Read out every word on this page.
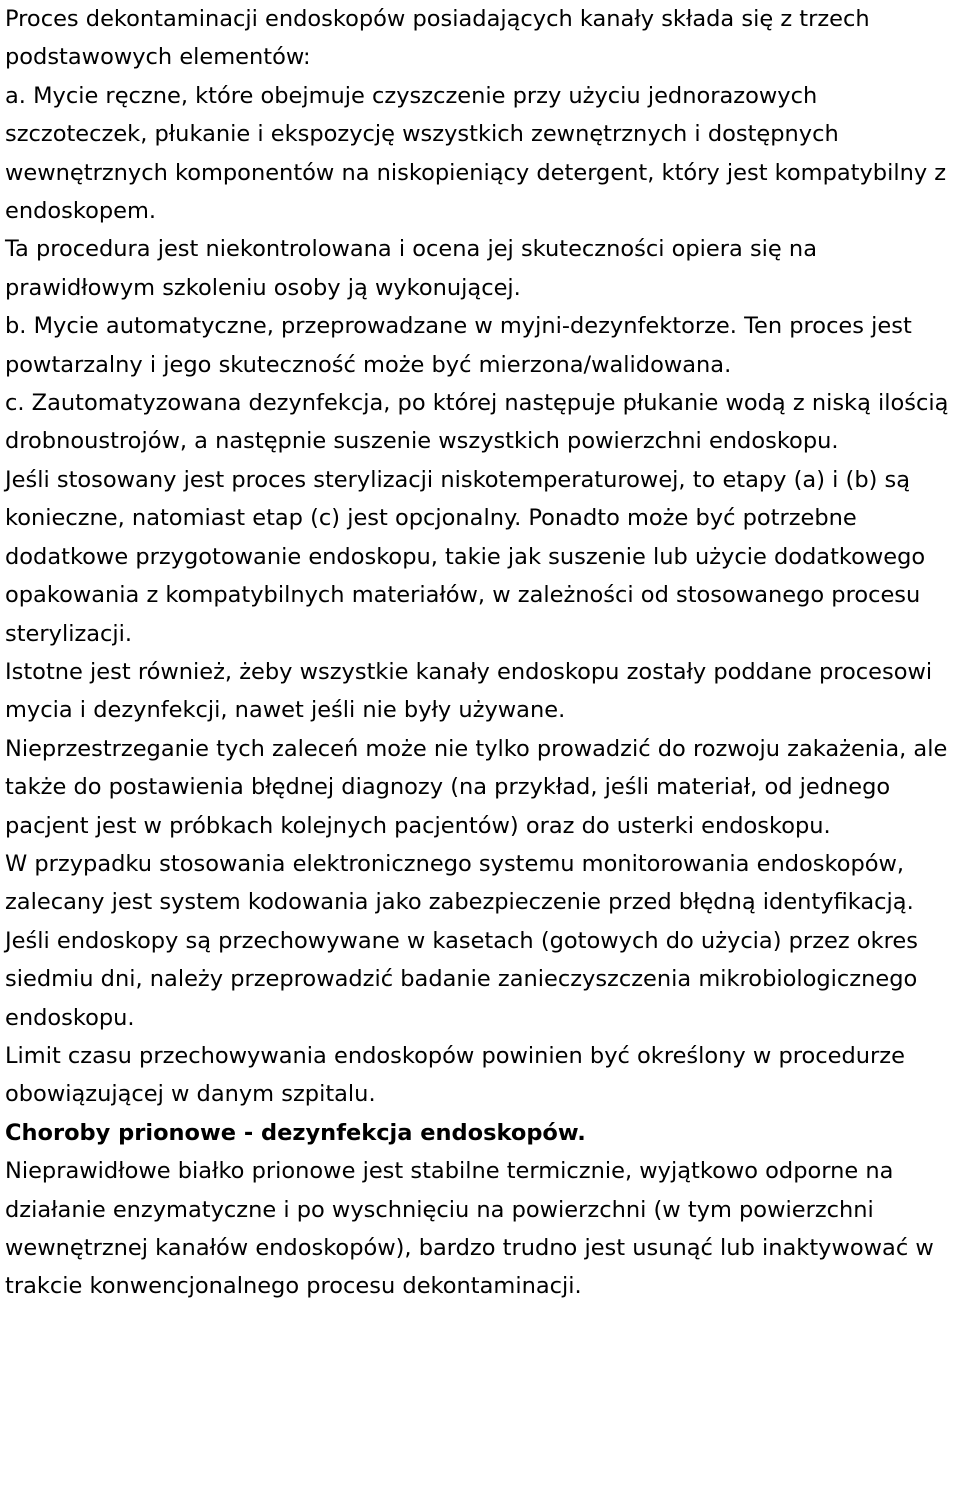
Proces dekontaminacji endoskopów posiadających kanały składa się z trzech podstawowych elementów:

a. Mycie ręczne, które obejmuje czyszczenie przy użyciu jednorazowych szczoteczek, płukanie i ekspozycję wszystkich zewnętrznych i dostępnych wewnętrznych komponentów na niskopieniący detergent, który jest kompatybilny z endoskopem.

Ta procedura jest niekontrolowana i ocena jej skuteczności opiera się na prawidłowym szkoleniu osoby ją wykonującej.

b. Mycie automatyczne, przeprowadzane w myjni-dezynfektorze. Ten proces jest powtarzalny i jego skuteczność może być mierzona/walidowana.

c. Zautomatyzowana dezynfekcja, po której następuje płukanie wodą z niską ilością drobnoustrojów, a następnie suszenie wszystkich powierzchni endoskopu.

Jeśli stosowany jest proces sterylizacji niskotemperaturowej, to etapy (a) i (b) są konieczne, natomiast etap (c) jest opcjonalny. Ponadto może być potrzebne dodatkowe przygotowanie endoskopu, takie jak suszenie lub użycie dodatkowego opakowania z kompatybilnych materiałów, w zależności od stosowanego procesu sterylizacji.

Istotne jest również, żeby wszystkie kanały endoskopu zostały poddane procesowi mycia i dezynfekcji, nawet jeśli nie były używane.

Nieprzestrzeganie tych zaleceń może nie tylko prowadzić do rozwoju zakażenia, ale także do postawienia błędnej diagnozy (na przykład, jeśli materiał, od jednego pacjent jest w próbkach kolejnych pacjentów) oraz do usterki endoskopu.

W przypadku stosowania elektronicznego systemu monitorowania endoskopów, zalecany jest system kodowania jako zabezpieczenie przed błędną identyfikacją.

Jeśli endoskopy są przechowywane w kasetach (gotowych do użycia) przez okres siedmiu dni, należy przeprowadzić badanie zanieczyszczenia mikrobiologicznego endoskopu.

Limit czasu przechowywania endoskopów powinien być określony w procedurze obowiązującej w danym szpitalu.

Choroby prionowe - dezynfekcja endoskopów.

Nieprawidłowe białko prionowe jest stabilne termicznie, wyjątkowo odporne na działanie enzymatyczne i po wyschnięciu na powierzchni (w tym powierzchni wewnętrznej kanałów endoskopów), bardzo trudno jest usunąć lub inaktywować w trakcie konwencjonalnego procesu dekontaminacji.
